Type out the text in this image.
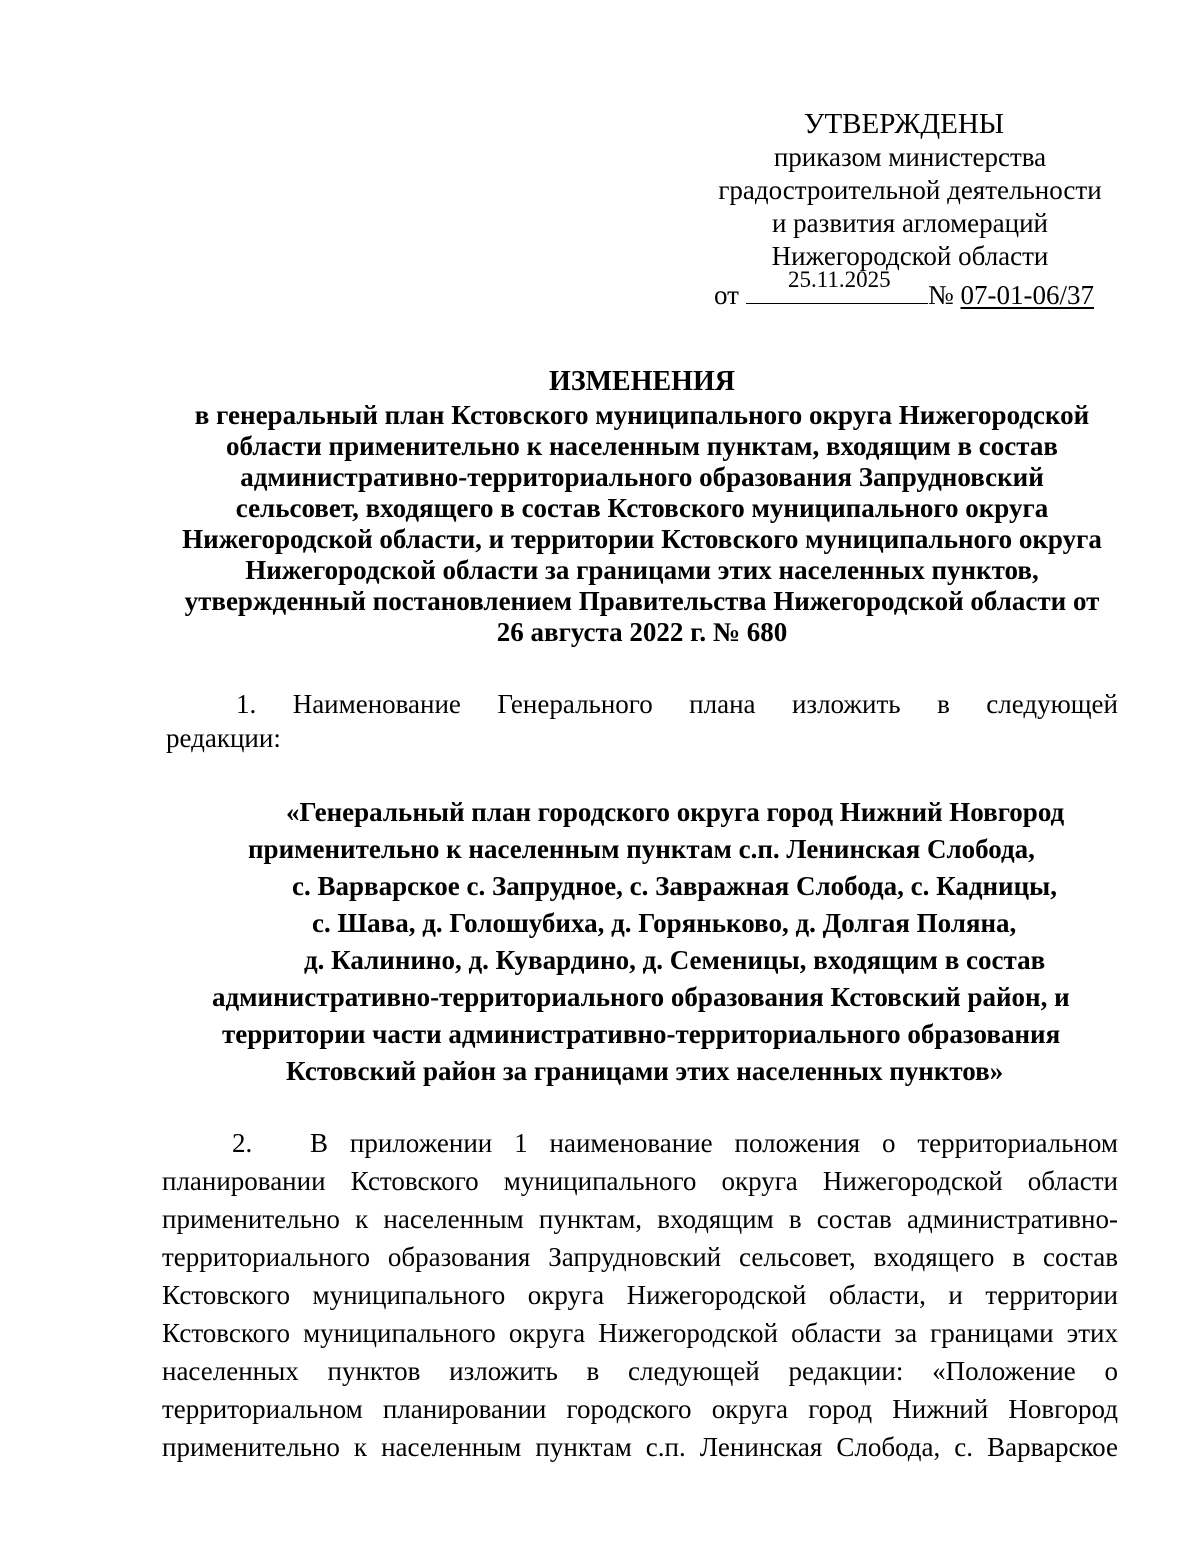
УТВЕРЖДЕНЫ
приказом министерства
градостроительной деятельности
и развития агломераций
Нижегородской области
от
25.11.2025
№ 07-01-06/37
ИЗМЕНЕНИЯ
в генеральный план Кстовского муниципального округа Нижегородской
области применительно к населенным пунктам, входящим в состав
административно-территориального образования Запрудновский
сельсовет, входящего в состав Кстовского муниципального округа
Нижегородской области, и территории Кстовского муниципального округа
Нижегородской области за границами этих населенных пунктов,
утвержденный постановлением Правительства Нижегородской области от
26 августа 2022 г. № 680
1. Наименование Генерального плана изложить в следующей
редакции:
«Генеральный план городского округа город Нижний Новгород
применительно к населенным пунктам с.п. Ленинская Слобода,
с. Варварское с. Запрудное, с. Завражная Слобода, с. Кадницы,
с. Шава, д. Голошубиха, д. Горяньково, д. Долгая Поляна,
д. Калинино, д. Кувардино, д. Семеницы, входящим в состав
административно-территориального образования Кстовский район, и
территории части административно-территориального образования
Кстовский район за границами этих населенных пунктов»
2.	В приложении 1 наименование положения о территориальном
планировании Кстовского муниципального округа Нижегородской области
применительно к населенным пунктам, входящим в состав административно-
территориального образования Запрудновский сельсовет, входящего в состав
Кстовского муниципального округа Нижегородской области, и территории
Кстовского муниципального округа Нижегородской области за границами этих
населенных пунктов изложить в следующей редакции: «Положение о
территориальном планировании городского округа город Нижний Новгород
применительно к населенным пунктам с.п. Ленинская Слобода, с. Варварское
